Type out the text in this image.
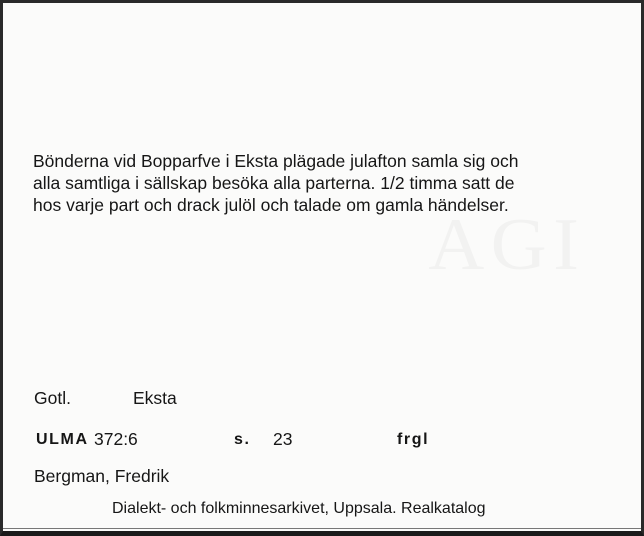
Bönderna vid Bopparfve i Eksta plägade julafton samla sig och
alla samtliga i sällskap besöka alla parterna. 1/2 timma satt de
hos varje part och drack julöl och talade om gamla händelser.
Gotl.	Eksta
ULMA 372:6	s. 23	frgl
Bergman, Fredrik
Dialekt- och folkminnesarkivet, Uppsala. Realkatalog
